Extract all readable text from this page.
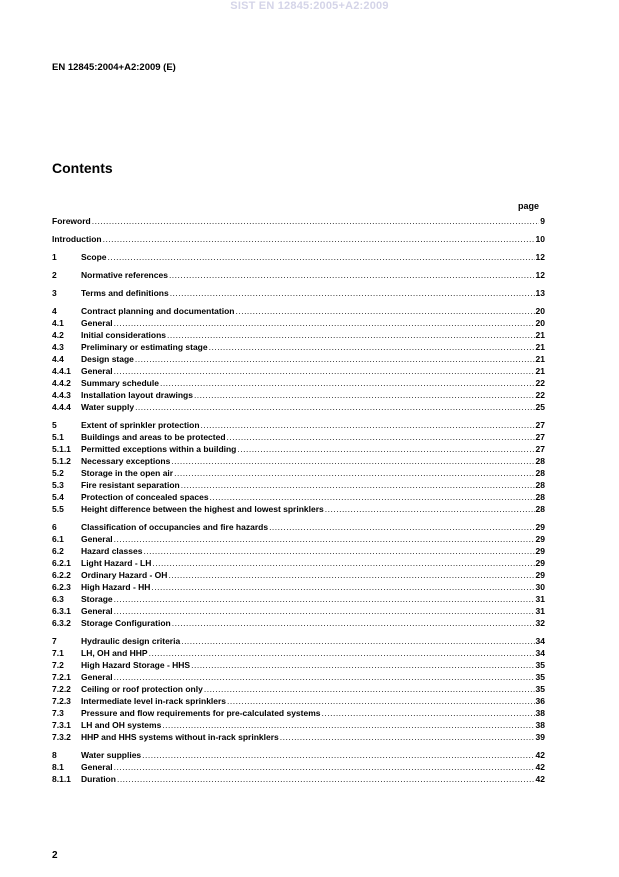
SIST EN 12845:2005+A2:2009
EN 12845:2004+A2:2009 (E)
Contents
page
Foreword .....	9
Introduction .....	10
1	Scope .....	12
2	Normative references .....	12
3	Terms and definitions .....	13
4	Contract planning and documentation .....	20
4.1	General .....	20
4.2	Initial considerations .....	21
4.3	Preliminary or estimating stage .....	21
4.4	Design stage .....	21
4.4.1	General .....	21
4.4.2	Summary schedule .....	22
4.4.3	Installation layout drawings .....	22
4.4.4	Water supply .....	25
5	Extent of sprinkler protection .....	27
5.1	Buildings and areas to be protected .....	27
5.1.1	Permitted exceptions within a building .....	27
5.1.2	Necessary exceptions .....	28
5.2	Storage in the open air .....	28
5.3	Fire resistant separation .....	28
5.4	Protection of concealed spaces .....	28
5.5	Height difference between the highest and lowest sprinklers .....	28
6	Classification of occupancies and fire hazards .....	29
6.1	General .....	29
6.2	Hazard classes .....	29
6.2.1	Light Hazard - LH .....	29
6.2.2	Ordinary Hazard - OH .....	29
6.2.3	High Hazard - HH .....	30
6.3	Storage .....	31
6.3.1	General .....	31
6.3.2	Storage Configuration .....	32
7	Hydraulic design criteria .....	34
7.1	LH, OH and HHP .....	34
7.2	High Hazard Storage - HHS .....	35
7.2.1	General .....	35
7.2.2	Ceiling or roof protection only .....	35
7.2.3	Intermediate level in-rack sprinklers .....	36
7.3	Pressure and flow requirements for pre-calculated systems .....	38
7.3.1	LH and OH systems .....	38
7.3.2	HHP and HHS systems without in-rack sprinklers .....	39
8	Water supplies .....	42
8.1	General .....	42
8.1.1	Duration .....	42
2
